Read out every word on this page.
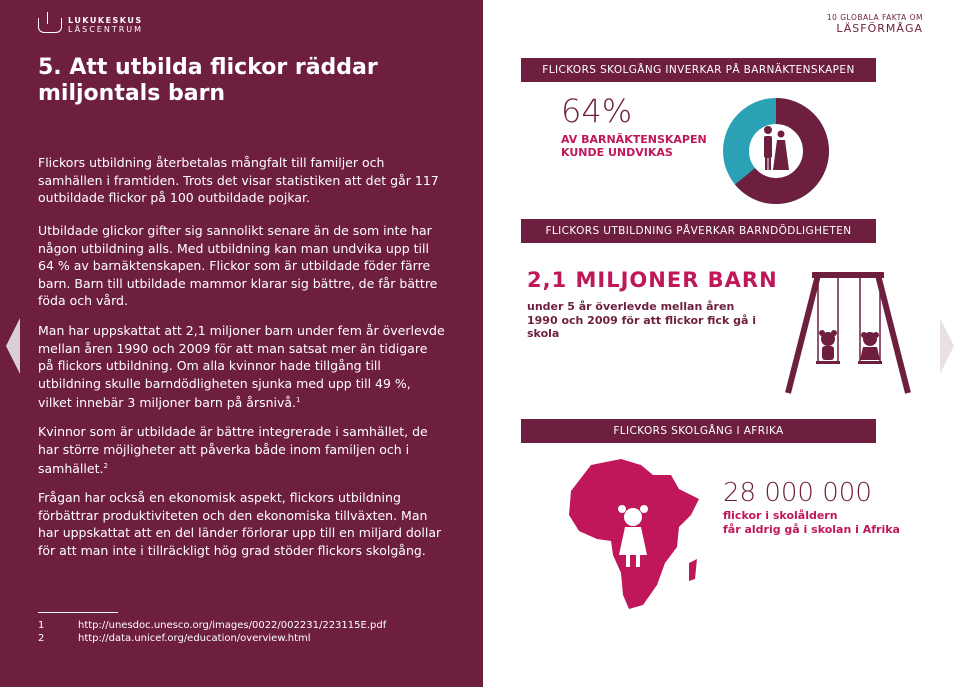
LUKUKESKUS
LÄSCENTRUM
5. Att utbilda flickor räddar miljontals barn

Flickors utbildning återbetalas mångfalt till familjer och samhällen i framtiden. Trots det visar statistiken att det går 117 outbildade flickor på 100 outbildade pojkar.

Utbildade glickor gifter sig sannolikt senare än de som inte har någon utbildning alls. Med utbildning kan man undvika upp till 64 % av barnäktenskapen. Flickor som är utbildade föder färre barn. Barn till utbildade mammor klarar sig bättre, de får bättre föda och vård.

Man har uppskattat att 2,1 miljoner barn under fem år överlevde mellan åren 1990 och 2009 för att man satsat mer än tidigare på flickors utbildning. Om alla kvinnor hade tillgång till utbildning skulle barndödligheten sjunka med upp till 49 %, vilket innebär 3 miljoner barn på årsnivå.$^1$

Kvinnor som är utbildade är bättre integrerade i samhället, de har större möjligheter att påverka både inom familjen och i samhället.$^2$

Frågan har också en ekonomisk aspekt, flickors utbildning förbättrar produktiviteten och den ekonomiska tillväxten. Man har uppskattat att en del länder förlorar upp till en miljard dollar för att man inte i tillräckligt hög grad stöder flickors skolgång.

1	http://unesdoc.unesco.org/images/0022/002231/223115E.pdf
2	http://data.unicef.org/education/overview.html
10 GLOBALA FAKTA OM
LÄSFÖRMÅGA
FLICKORS SKOLGÅNG INVERKAR PÅ BARNÄKTENSKAPEN
64%
AV BARNÄKTENSKAPEN KUNDE UNDVIKAS
FLICKORS UTBILDNING PÅVERKAR BARNDÖDLIGHETEN
2,1 MILJONER BARN
under 5 år överlevde mellan åren 1990 och 2009 för att flickor fick gå i skola
FLICKORS SKOLGÅNG I AFRIKA
28 000 000
flickor i skolåldern
får aldrig gå i skolan i Afrika
